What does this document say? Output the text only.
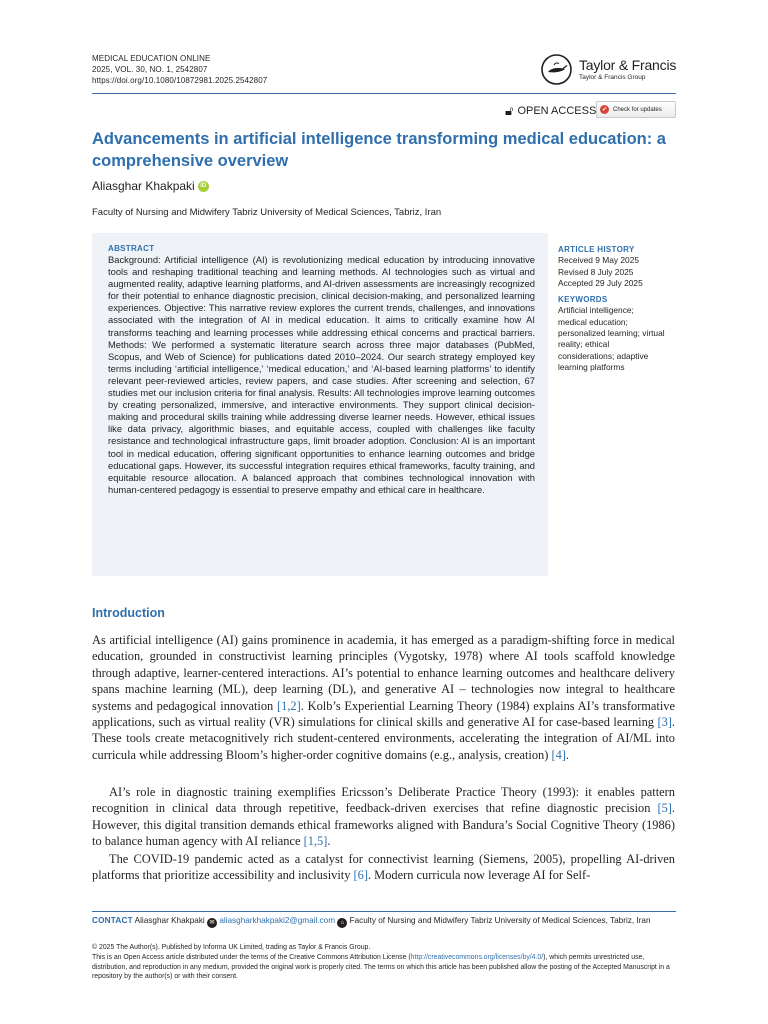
MEDICAL EDUCATION ONLINE
2025, VOL. 30, NO. 1, 2542807
https://doi.org/10.1080/10872981.2025.2542807
Taylor & Francis
Taylor & Francis Group
🔓︎ OPEN ACCESS ✔ Check for updates
Advancements in artificial intelligence transforming medical education: a comprehensive overview
Aliasghar Khakpaki iD
Faculty of Nursing and Midwifery Tabriz University of Medical Sciences, Tabriz, Iran
ABSTRACT

Background: Artificial intelligence (AI) is revolutionizing medical education by introducing innovative tools and reshaping traditional teaching and learning methods. AI technologies such as virtual and augmented reality, adaptive learning platforms, and AI-driven assessments are increasingly recognized for their potential to enhance diagnostic precision, clinical decision-making, and personalized learning experiences. Objective: This narrative review explores the current trends, challenges, and innovations associated with the integration of AI in medical education. It aims to critically examine how AI transforms teaching and learning processes while addressing ethical concerns and practical barriers. Methods: We performed a systematic literature search across three major databases (PubMed, Scopus, and Web of Science) for publications dated 2010–2024. Our search strategy employed key terms including ‘artificial intelligence,’ ‘medical education,’ and ‘AI-based learning platforms’ to identify relevant peer-reviewed articles, review papers, and case studies. After screening and selection, 67 studies met our inclusion criteria for final analysis. Results: All technologies improve learning outcomes by creating personalized, immersive, and interactive environments. They support clinical decision-making and procedural skills training while addressing diverse learner needs. However, ethical issues like data privacy, algorithmic biases, and equitable access, coupled with challenges like faculty resistance and technological infrastructure gaps, limit broader adoption. Conclusion: AI is an important tool in medical education, offering significant opportunities to enhance learning outcomes and bridge educational gaps. However, its successful integration requires ethical frameworks, faculty training, and equitable resource allocation. A balanced approach that combines technological innovation with human-centered pedagogy is essential to preserve empathy and ethical care in healthcare.

ARTICLE HISTORY
Received 9 May 2025
Revised 8 July 2025
Accepted 29 July 2025
KEYWORDS
Artificial intelligence;
medical education;
personalized learning; virtual
reality; ethical
considerations; adaptive
learning platforms
Introduction

As artificial intelligence (AI) gains prominence in academia, it has emerged as a paradigm-shifting force in medical education, grounded in constructivist learning principles (Vygotsky, 1978) where AI tools scaffold knowledge through adaptive, learner-centered interactions. AI’s potential to enhance learning outcomes and healthcare delivery spans machine learning (ML), deep learning (DL), and generative AI – technologies now integral to healthcare systems and pedagogical innovation [1,2]. Kolb’s Experiential Learning Theory (1984) explains AI’s transformative applications, such as virtual reality (VR) simulations for clinical skills and generative AI for case-based learning [3]. These tools create metacognitively rich student-centered environments, accelerating the integration of AI/ML into curricula while addressing Bloom’s higher-order cognitive domains (e.g., analysis, creation) [4].

AI’s role in diagnostic training exemplifies Ericsson’s Deliberate Practice Theory (1993): it enables pattern recognition in clinical data through repetitive, feedback-driven exercises that refine diagnostic precision [5]. However, this digital transition demands ethical frameworks aligned with Bandura’s Social Cognitive Theory (1986) to balance human agency with AI reliance [1,5].

The COVID-19 pandemic acted as a catalyst for connectivist learning (Siemens, 2005), propelling AI-driven platforms that prioritize accessibility and inclusivity [6]. Modern curricula now leverage AI for Self-

CONTACT Aliasghar Khakpaki ✉ aliasgharkhakpaki2@gmail.com ⌂ Faculty of Nursing and Midwifery Tabriz University of Medical Sciences, Tabriz, Iran

© 2025 The Author(s). Published by Informa UK Limited, trading as Taylor & Francis Group.

This is an Open Access article distributed under the terms of the Creative Commons Attribution License (http://creativecommons.org/licenses/by/4.0/), which permits unrestricted use, distribution, and reproduction in any medium, provided the original work is properly cited. The terms on which this article has been published allow the posting of the Accepted Manuscript in a repository by the author(s) or with their consent.
